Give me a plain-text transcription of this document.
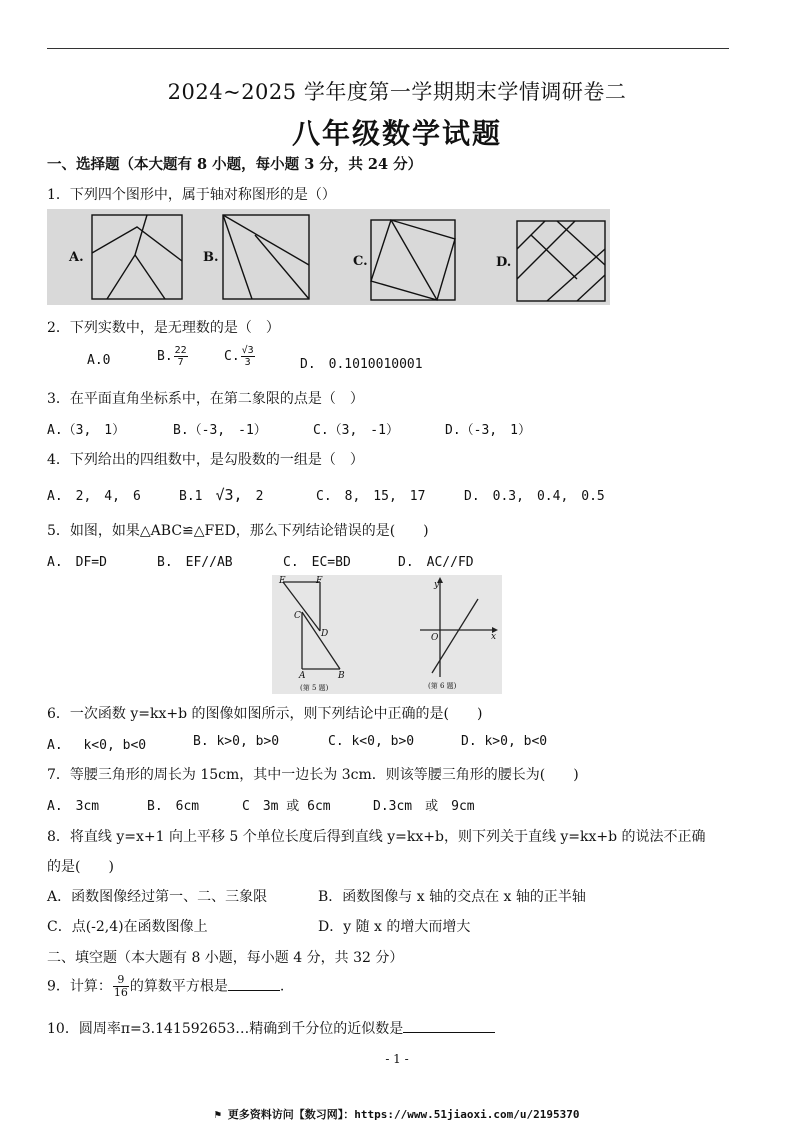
2024~2025 学年度第一学期期末学情调研卷二
八年级数学试题
一、选择题（本大题有 8 小题，每小题 3 分，共 24 分）
1．下列四个图形中，属于轴对称图形的是（）
A.	B.	C.	D.
2．下列实数中，是无理数的是（　）
A.0	B. $\frac{22}{7}$	C. $\frac{√3}{3}$	D.　0.1010010001
3．在平面直角坐标系中，在第二象限的点是（　）
A.（3,　1）	B.（-3,　-1）	C.（3,　-1）	D.（-3,　1）
4．下列给出的四组数中，是勾股数的一组是（　）
A.　2,　4,　6	B.1　√3,　2	C.　8,　15,　17	D.　0.3,　0.4,　0.5
5．如图，如果△ABC≌△FED，那么下列结论错误的是(　　)
A.　DF=D	B.　EF//AB	C.　EC=BD	D.　AC//FD
E	F
C
D
A	B
y
x
O
(第 5 题)	(第 6 题)
6．一次函数 y=kx+b 的图像如图所示，则下列结论中正确的是(　　)
A.　 k<0, b<0	B. k>0, b>0	C. k<0, b>0	D. k>0, b<0
7．等腰三角形的周长为 15cm，其中一边长为 3cm．则该等腰三角形的腰长为(　　)
A.　3cm	B.　6cm	C　3m 或 6cm	D.3cm　或　9cm
8．将直线 y=x+1 向上平移 5 个单位长度后得到直线 y=kx+b，则下列关于直线 y=kx+b 的说法不正确
的是(　　)
A．函数图像经过第一、二、三象限	B．函数图像与 x 轴的交点在 x 轴的正半轴
C．点(-2,4)在函数图像上	D．y 随 x 的增大而增大
二、填空题（本大题有 8 小题，每小题 4 分，共 32 分）
9．计算： $\frac{9}{16}$ 的算数平方根是	.
10．圆周率π=3.141592653…精确到千分位的近似数是
- 1 -
⚑ 更多资料访问【数习网】：https://www.51jiaoxi.com/u/2195370
